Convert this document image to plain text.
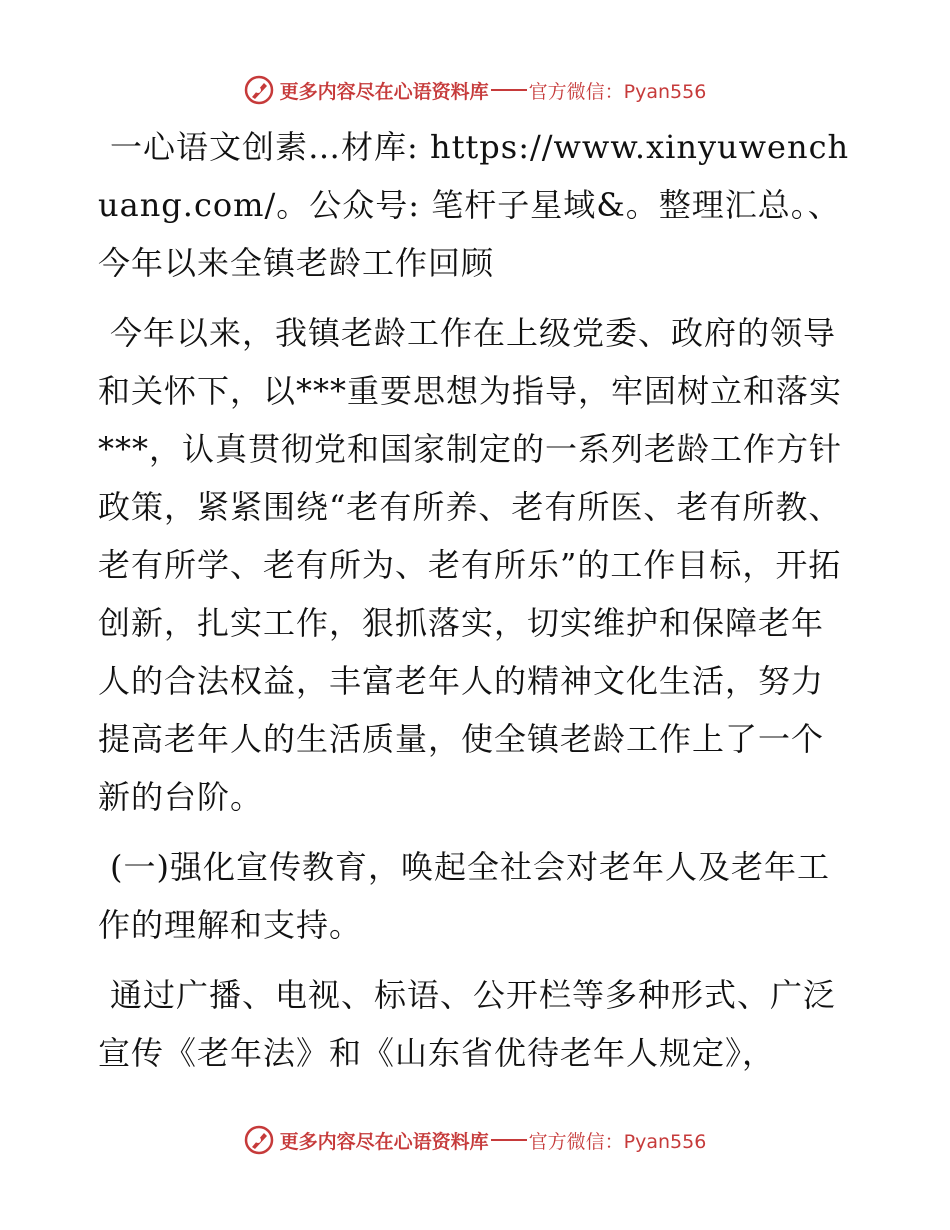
更多内容尽在心语资料库 官方微信：Pyan556

一心语文创素…材库: https://www.xinyuwenchuang.com/。公众号: 笔杆子星域&。整理汇总。、今年以来全镇老龄工作回顾

今年以来，我镇老龄工作在上级党委、政府的领导和关怀下，以***重要思想为指导，牢固树立和落实***，认真贯彻党和国家制定的一系列老龄工作方针政策，紧紧围绕“老有所养、老有所医、老有所教、老有所学、老有所为、老有所乐”的工作目标，开拓创新，扎实工作，狠抓落实，切实维护和保障老年人的合法权益，丰富老年人的精神文化生活，努力提高老年人的生活质量，使全镇老龄工作上了一个新的台阶。

(一)强化宣传教育，唤起全社会对老年人及老年工作的理解和支持。

通过广播、电视、标语、公开栏等多种形式、广泛宣传《老年法》和《山东省优待老年人规定》，

更多内容尽在心语资料库 官方微信：Pyan556
